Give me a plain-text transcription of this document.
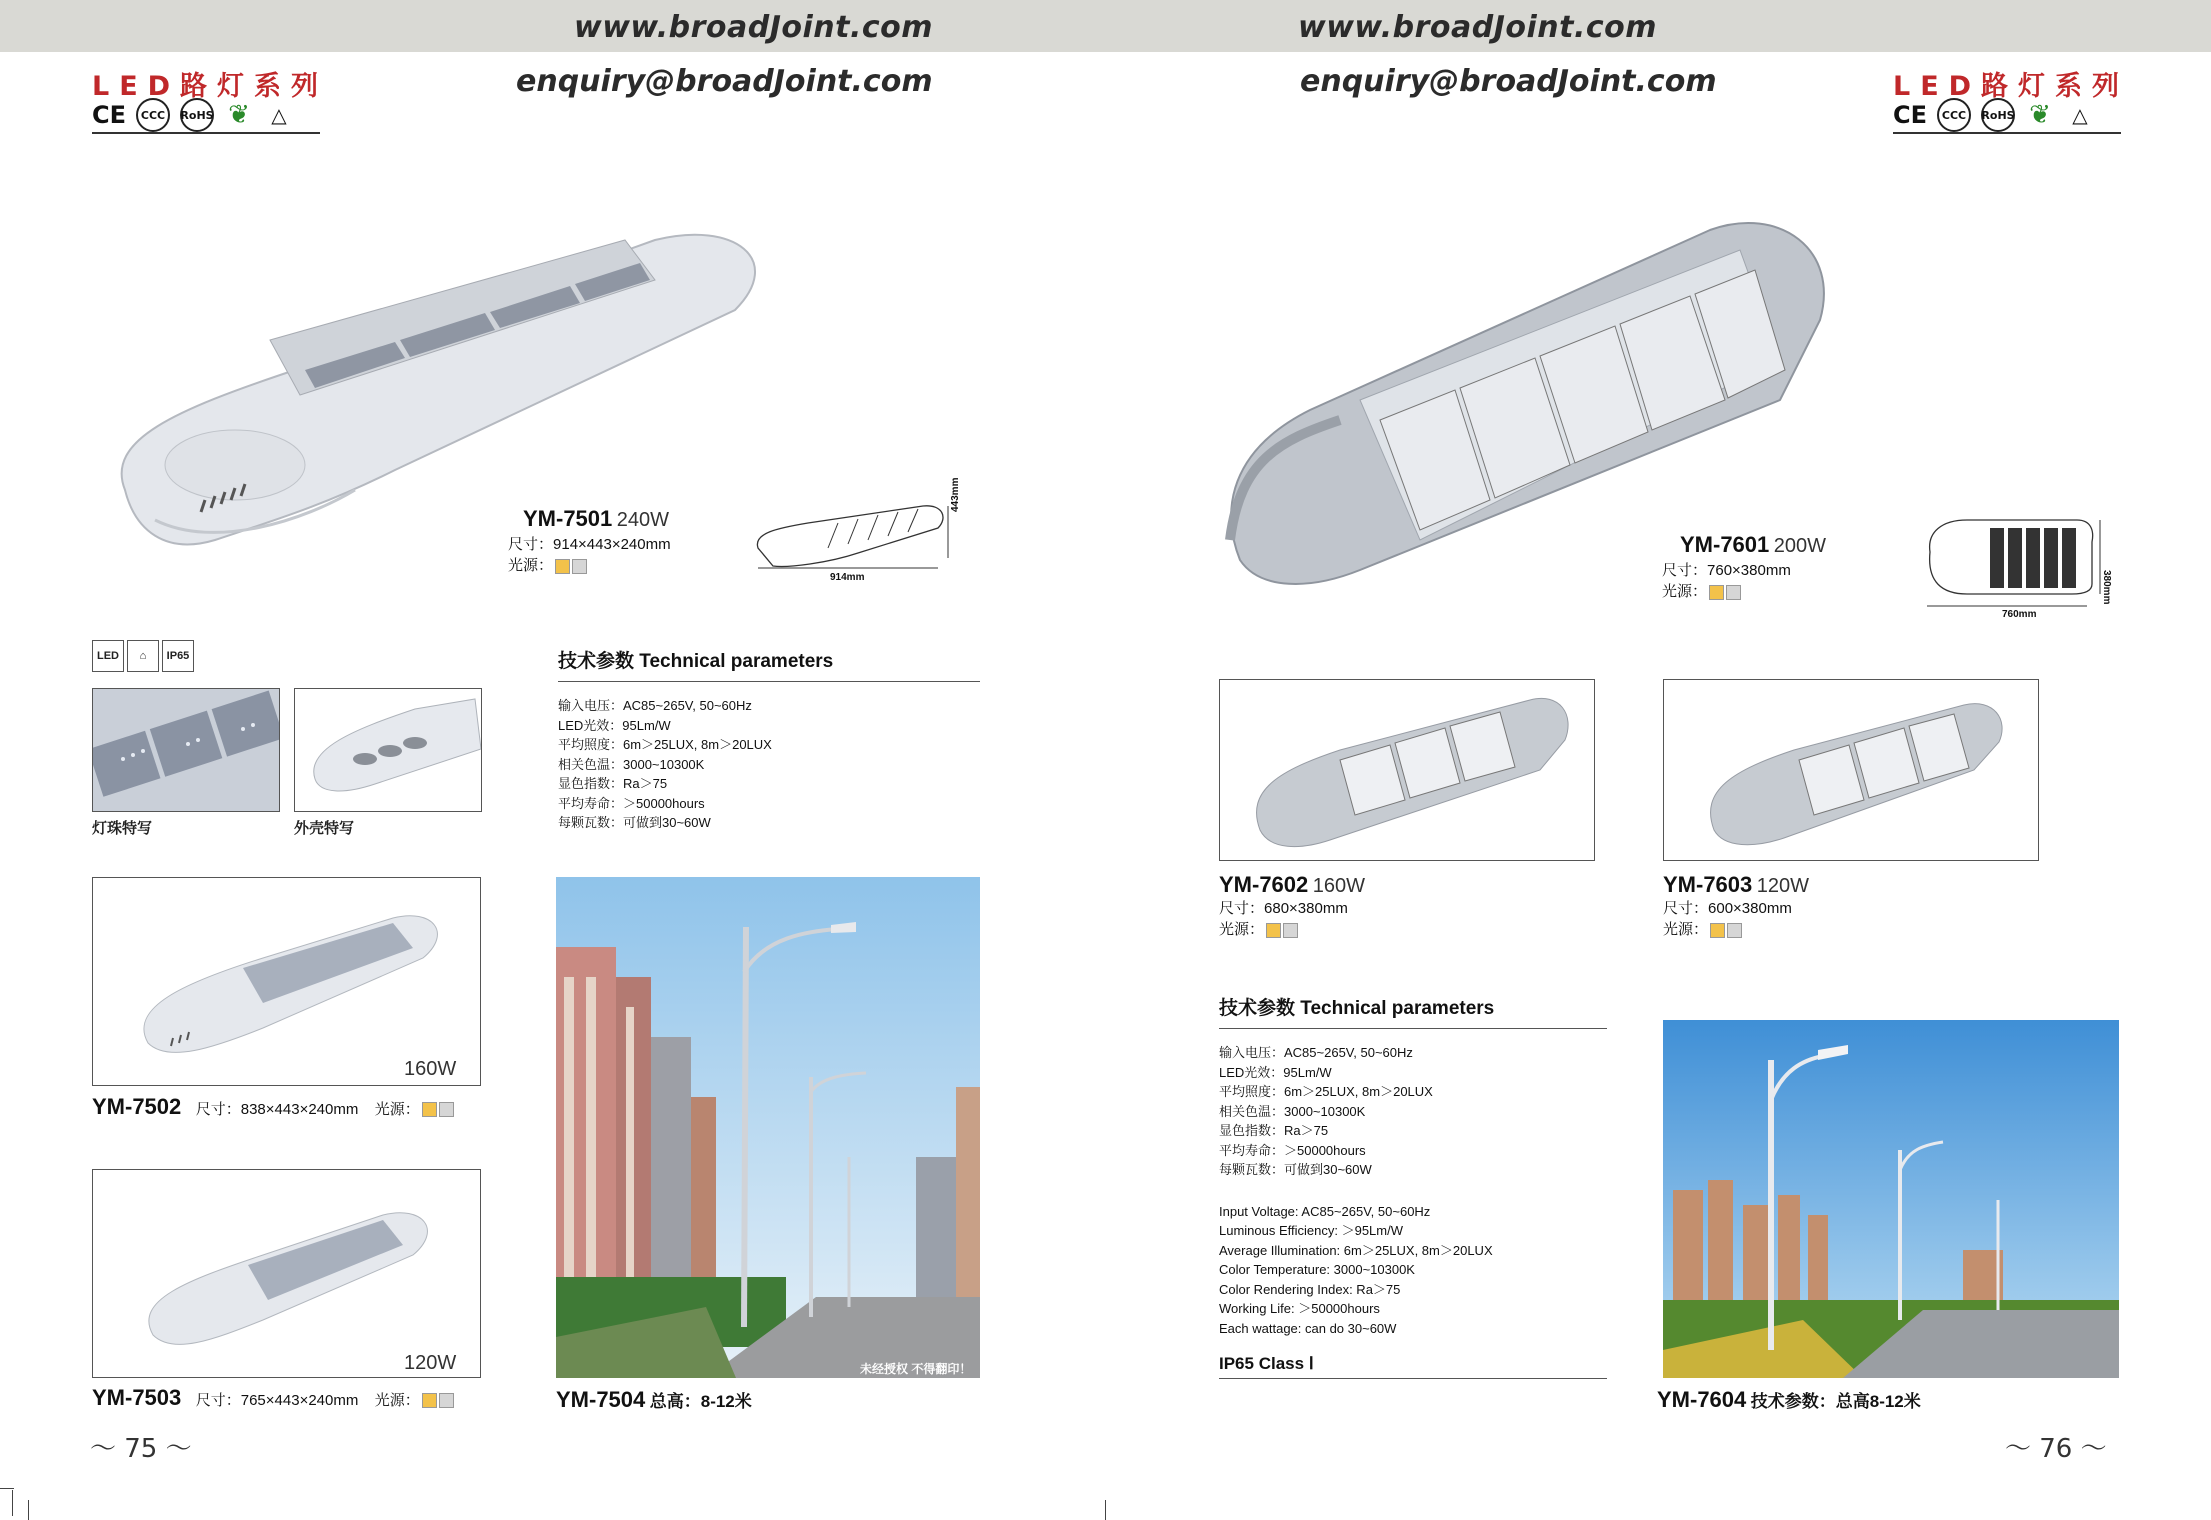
www.broadJoint.com	www.broadJoint.com
enquiry@broadJoint.com	enquiry@broadJoint.com
LED路灯系列	LED路灯系列
CE	CCC	RoHS ❦	△	CE	CCC	RoHS ❦	△
YM-7501 240W
尺寸：914×443×240mm
光源：
914mm
443mm
LED	⌂	IP65
灯珠特写	外壳特写
技术参数 Technical parameters
输入电压：AC85~265V, 50~60Hz
LED光效：95Lm/W
平均照度：6m＞25LUX, 8m＞20LUX
相关色温：3000~10300K
显色指数：Ra＞75
平均寿命：＞50000hours
每颗瓦数：可做到30~60W
160W
YM-7502 尺寸：838×443×240mm 光源：
120W
YM-7503 尺寸：765×443×240mm 光源：
未经授权 不得翻印！
YM-7504 总高：8-12米
～ 75 ～
YM-7601 200W
尺寸：760×380mm
光源：
760mm
380mm
YM-7602 160W
尺寸：680×380mm
光源：
YM-7603 120W
尺寸：600×380mm
光源：
技术参数 Technical parameters
输入电压：AC85~265V, 50~60Hz
LED光效：95Lm/W
平均照度：6m＞25LUX, 8m＞20LUX
相关色温：3000~10300K
显色指数：Ra＞75
平均寿命：＞50000hours
每颗瓦数：可做到30~60W
Input Voltage: AC85~265V, 50~60Hz
Luminous Efficiency: ＞95Lm/W
Average Illumination: 6m＞25LUX, 8m＞20LUX
Color Temperature: 3000~10300K
Color Rendering Index: Ra＞75
Working Life: ＞50000hours
Each wattage: can do 30~60W
IP65 Class Ⅰ
YM-7604 技术参数：总高8-12米
～ 76 ～
